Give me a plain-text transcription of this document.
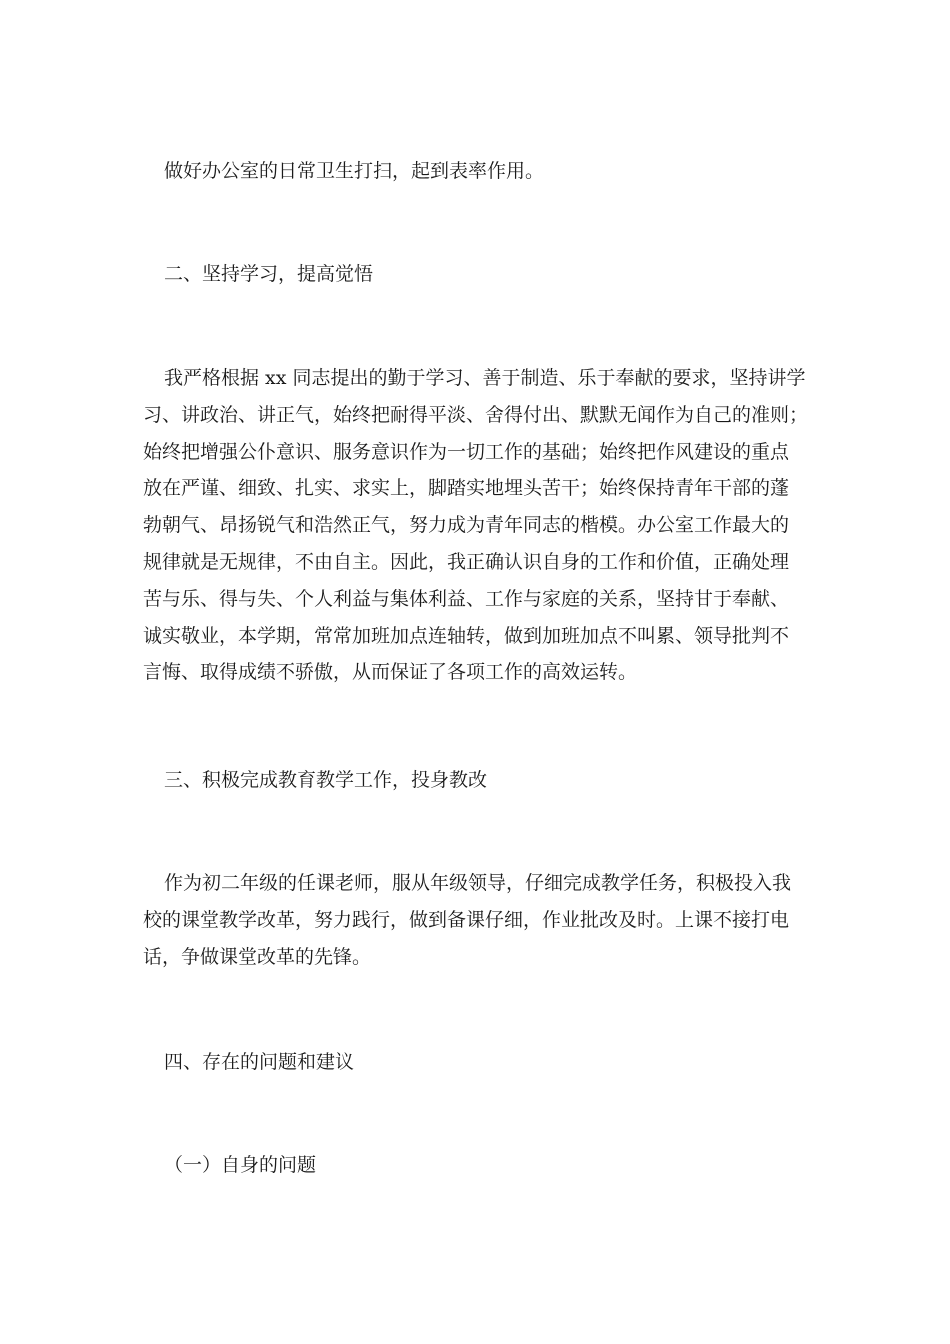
做好办公室的日常卫生打扫，起到表率作用。

二、坚持学习，提高觉悟

我严格根据 xx 同志提出的勤于学习、善于制造、乐于奉献的要求，坚持讲学
习、讲政治、讲正气，始终把耐得平淡、舍得付出、默默无闻作为自己的准则；
始终把增强公仆意识、服务意识作为一切工作的基础；始终把作风建设的重点
放在严谨、细致、扎实、求实上，脚踏实地埋头苦干；始终保持青年干部的蓬
勃朝气、昂扬锐气和浩然正气，努力成为青年同志的楷模。办公室工作最大的
规律就是无规律，不由自主。因此，我正确认识自身的工作和价值，正确处理
苦与乐、得与失、个人利益与集体利益、工作与家庭的关系，坚持甘于奉献、
诚实敬业，本学期，常常加班加点连轴转，做到加班加点不叫累、领导批判不
言悔、取得成绩不骄傲，从而保证了各项工作的高效运转。

三、积极完成教育教学工作，投身教改

作为初二年级的任课老师，服从年级领导，仔细完成教学任务，积极投入我
校的课堂教学改革，努力践行，做到备课仔细，作业批改及时。上课不接打电
话，争做课堂改革的先锋。

四、存在的问题和建议

（一）自身的问题
